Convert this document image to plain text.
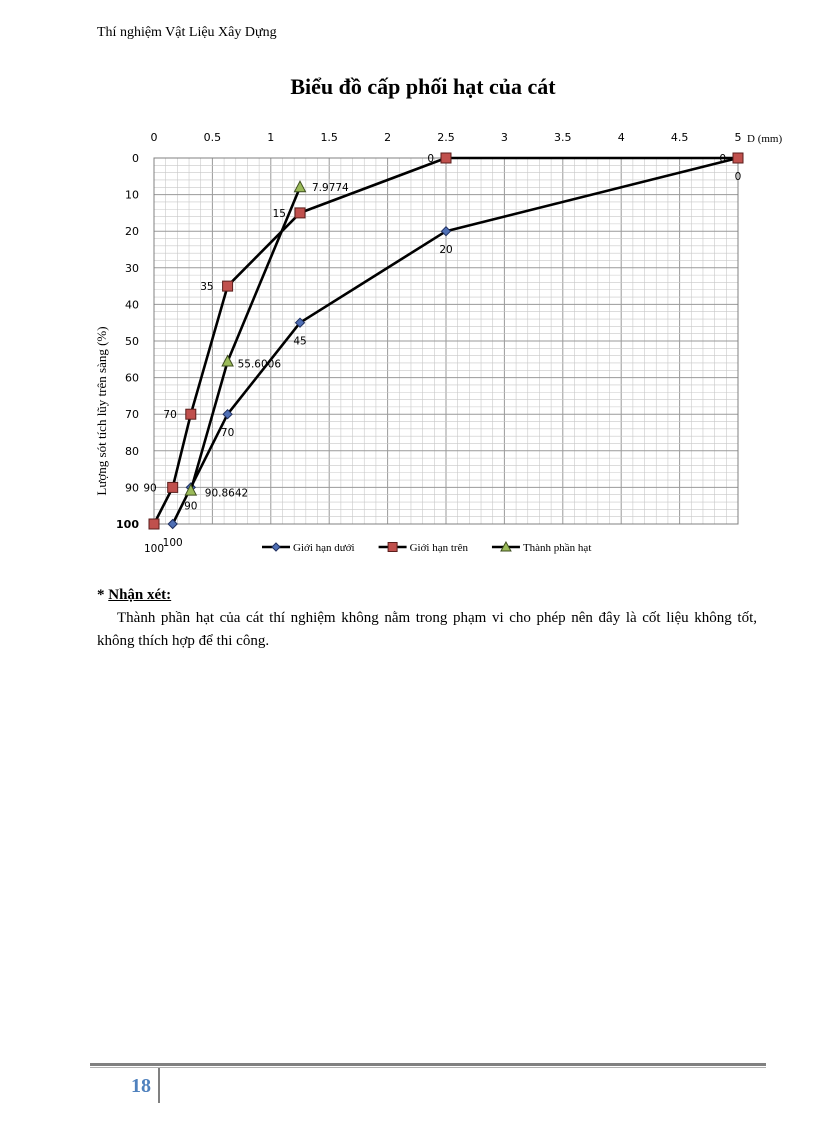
Thí nghiệm Vật Liệu Xây Dựng
Biểu đồ cấp phối hạt của cát
0	0.5	1	1.5	2	2.5	3	3.5	4	4.5	5 D (mm)
0
10
20
30
40
50
60
70
80
90
100
Lượng sót tích lũy trên sàng (%)
100
90
70
45
20
0
100
90
70
35
15
0	0
90.8642
55.6006
7.9774
Giới hạn dưới	Giới hạn trên	Thành phần hạt
* Nhận xét:
Thành phần hạt của cát thí nghiệm không nằm trong phạm vi cho phép nên đây là cốt liệu không tốt, không thích hợp để thi công.
18
